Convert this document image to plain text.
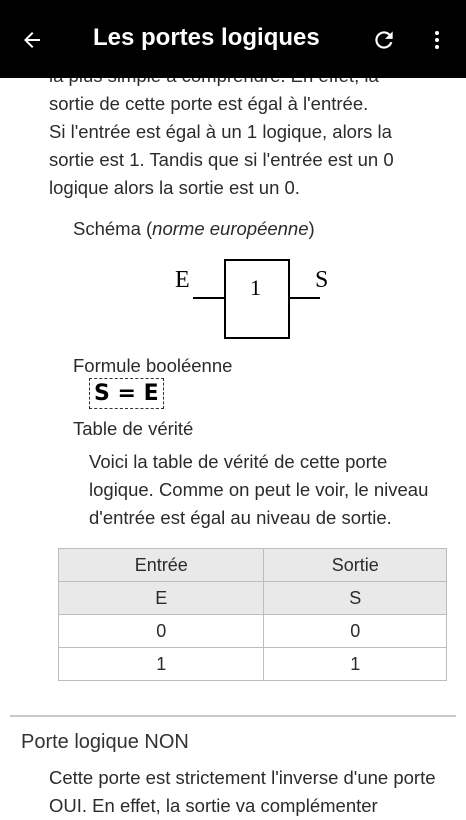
sortie de cette porte est égal à l'entrée.
Si l'entrée est égal à un 1 logique, alors la
sortie est 1. Tandis que si l'entrée est un 0
logique alors la sortie est un 0.
Schéma (norme européenne)
E	1 S
Formule booléenne
S = E
Table de vérité
Voici la table de vérité de cette porte logique. Comme on peut le voir, le niveau d'entrée est égal au niveau de sortie.
Entrée	Sortie
E	S
0	0
1	1
Porte logique NON
Cette porte est strictement l'inverse d'une porte OUI. En effet, la sortie va complémenter
Les portes logiques
